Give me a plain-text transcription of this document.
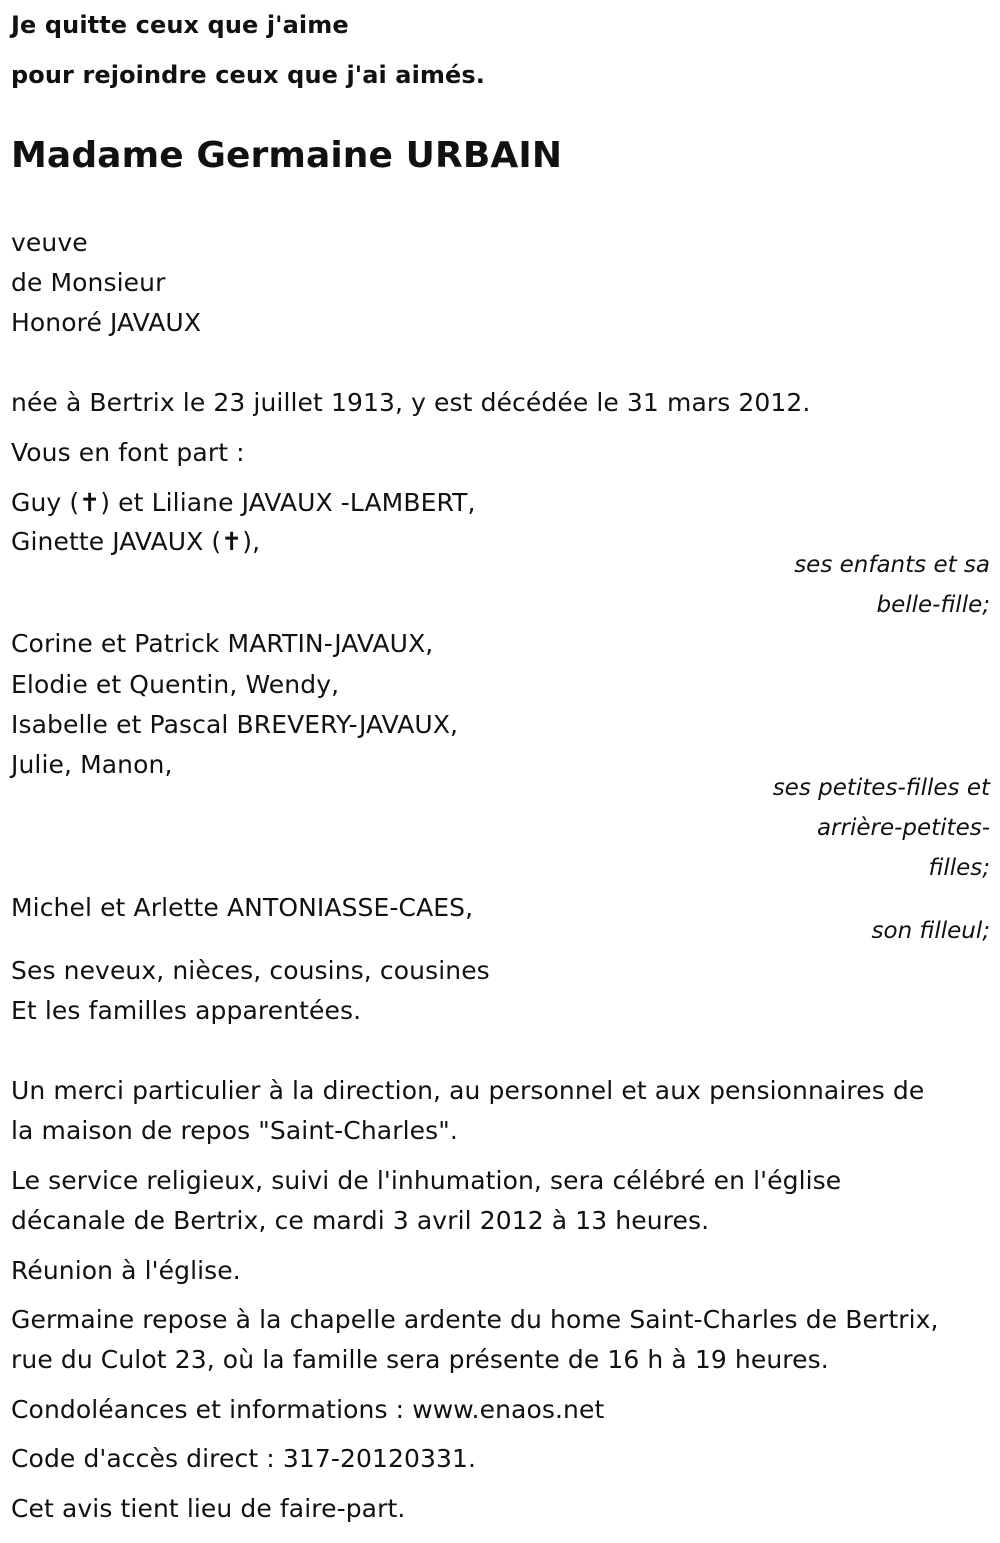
Je quitte ceux que j'aime
pour rejoindre ceux que j'ai aimés.
Madame Germaine URBAIN
veuve
de Monsieur
Honoré JAVAUX
née à Bertrix le 23 juillet 1913, y est décédée le 31 mars 2012.
Vous en font part :
Guy (✝) et Liliane JAVAUX -LAMBERT,
Ginette JAVAUX (✝),
ses enfants et sa
belle-fille;
Corine et Patrick MARTIN-JAVAUX,
Elodie et Quentin, Wendy,
Isabelle et Pascal BREVERY-JAVAUX,
Julie, Manon,
ses petites-filles et
arrière-petites-
filles;
Michel et Arlette ANTONIASSE-CAES,
son filleul;
Ses neveux, nièces, cousins, cousines
Et les familles apparentées.
Un merci particulier à la direction, au personnel et aux pensionnaires de
la maison de repos "Saint-Charles".
Le service religieux, suivi de l'inhumation, sera célébré en l'église
décanale de Bertrix, ce mardi 3 avril 2012 à 13 heures.
Réunion à l'église.
Germaine repose à la chapelle ardente du home Saint-Charles de Bertrix,
rue du Culot 23, où la famille sera présente de 16 h à 19 heures.
Condoléances et informations : www.enaos.net
Code d'accès direct : 317-20120331.
Cet avis tient lieu de faire-part.
